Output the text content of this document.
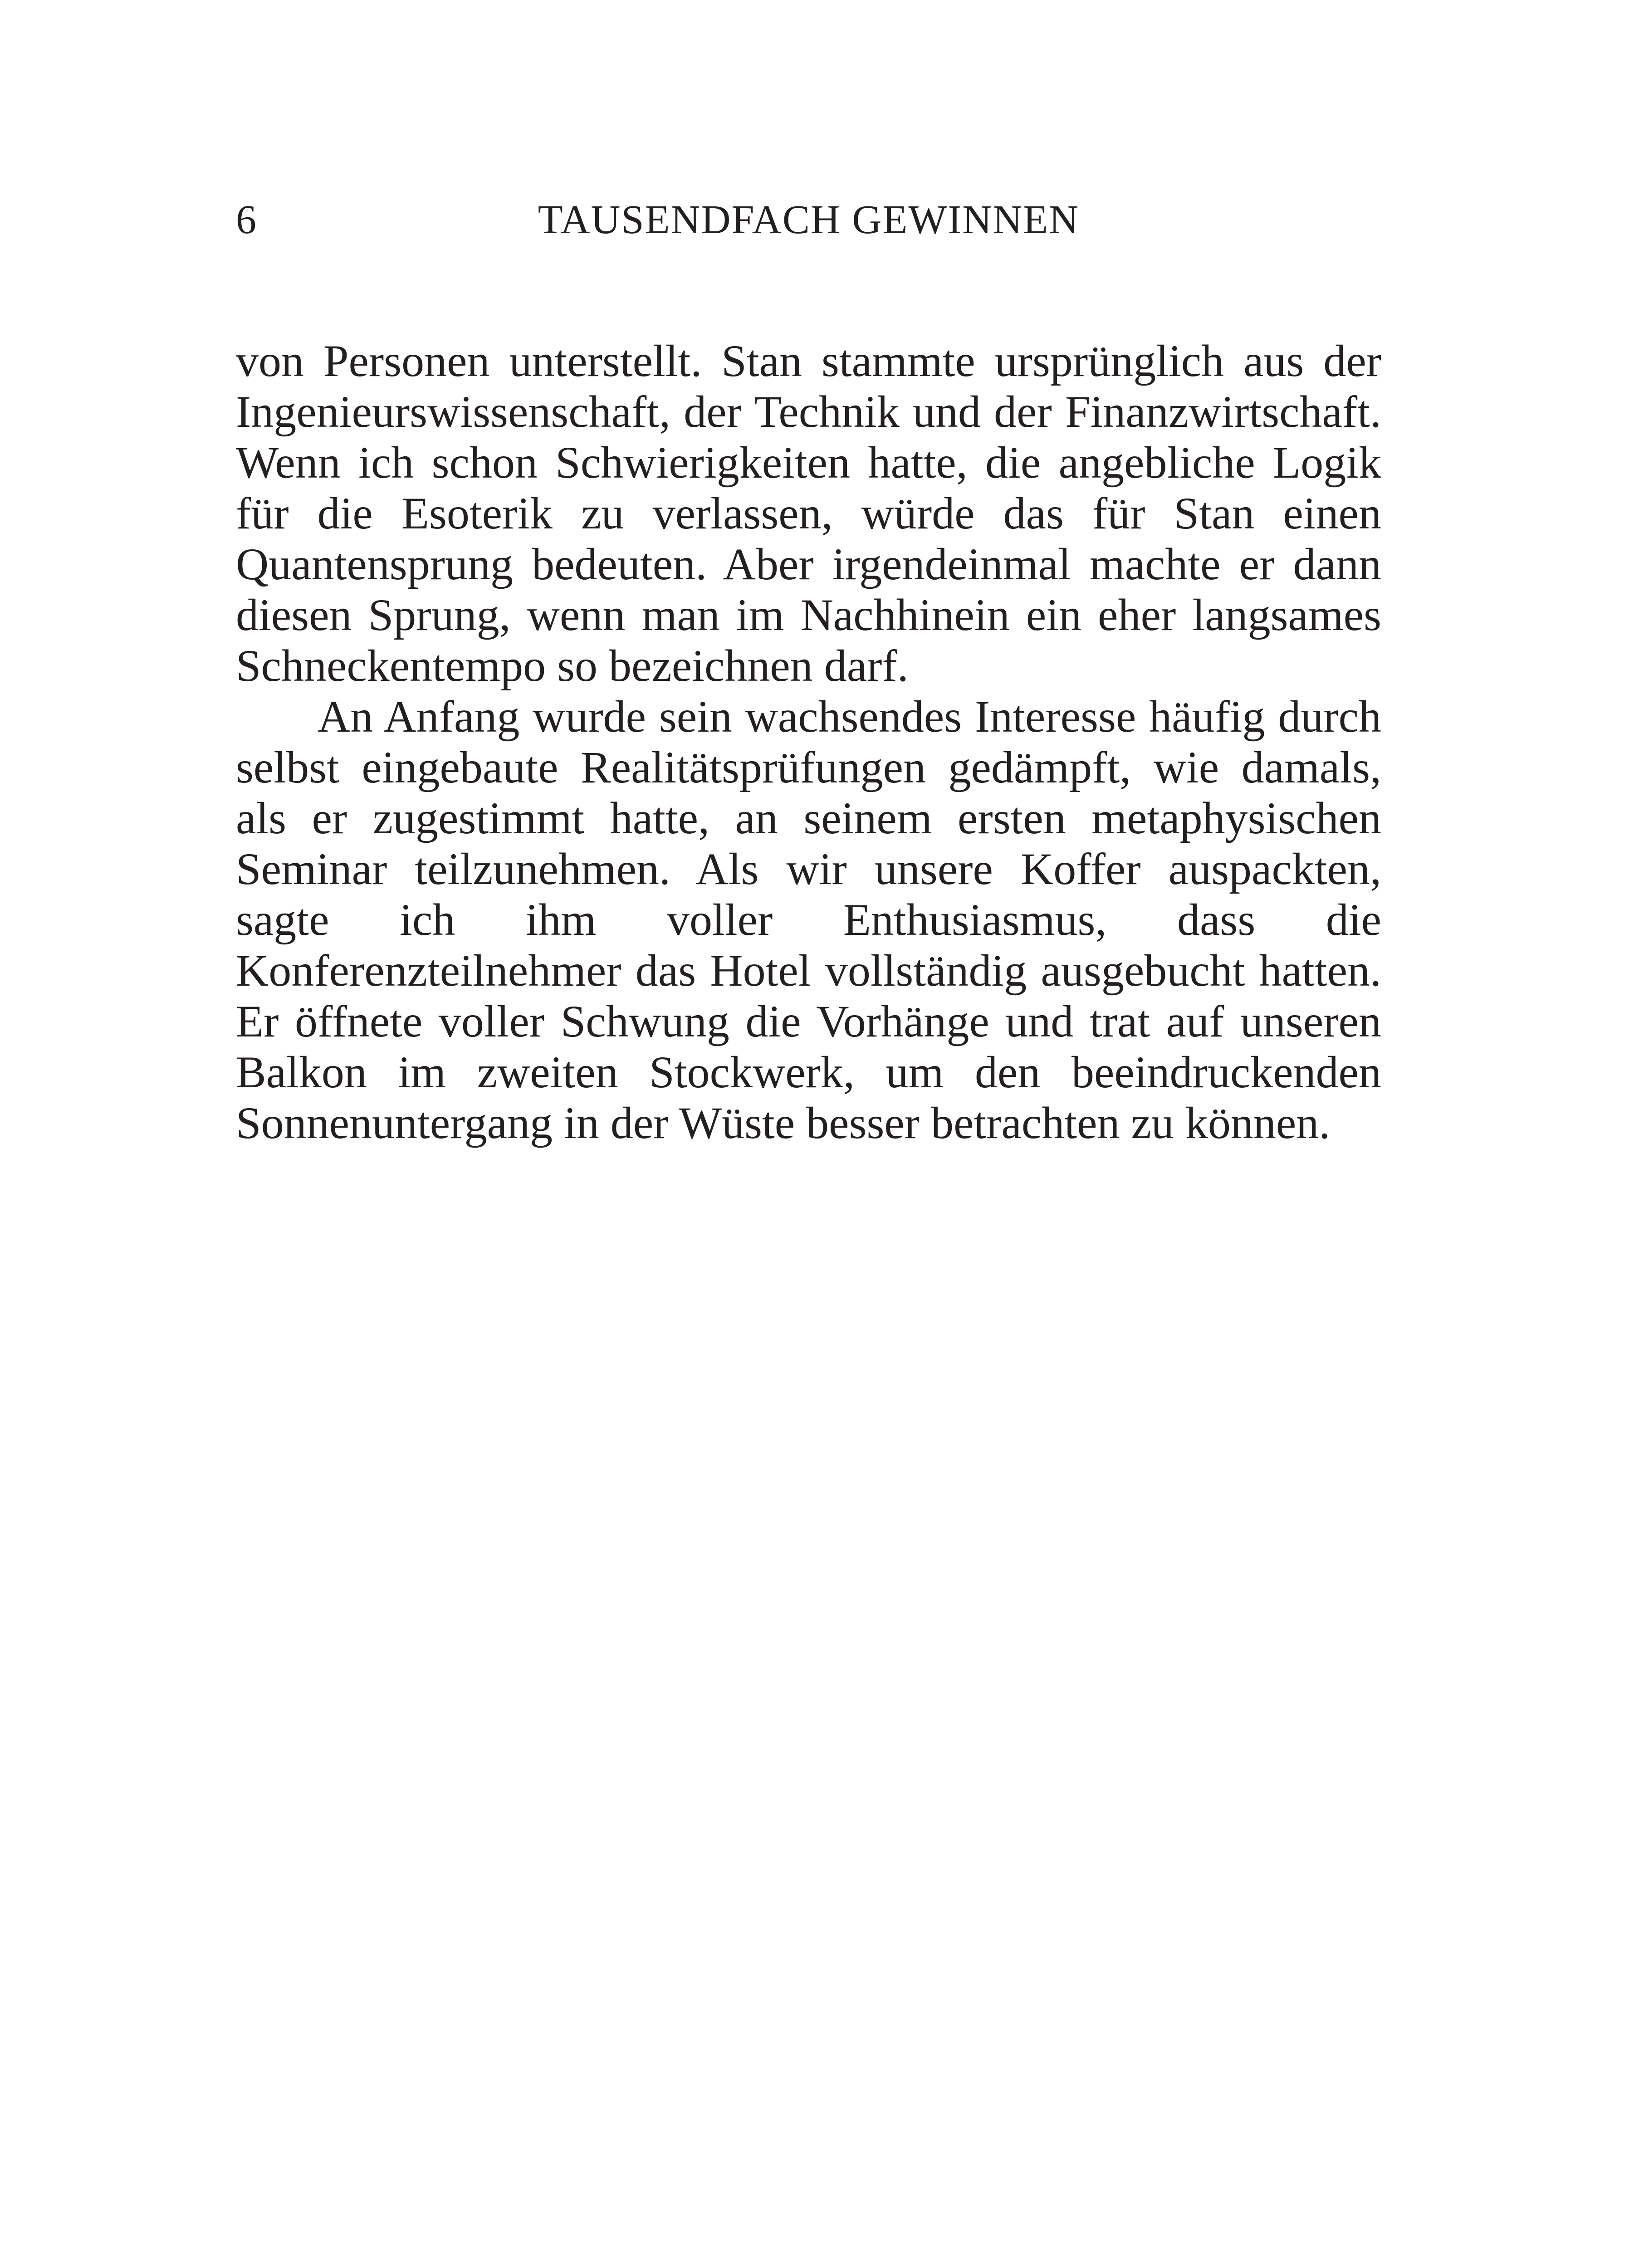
6	TAUSENDFACH GEWINNEN

von Personen unterstellt. Stan stammte ursprünglich aus der Ingenieurswissenschaft, der Technik und der Finanzwirtschaft. Wenn ich schon Schwierigkeiten hatte, die angebliche Logik für die Esoterik zu verlassen, würde das für Stan einen Quantensprung bedeuten. Aber irgendeinmal machte er dann diesen Sprung, wenn man im Nachhinein ein eher langsames Schneckentempo so bezeichnen darf.

An Anfang wurde sein wachsendes Interesse häufig durch selbst eingebaute Realitätsprüfungen gedämpft, wie damals, als er zugestimmt hatte, an seinem ersten metaphysischen Seminar teilzunehmen. Als wir unsere Koffer auspackten, sagte ich ihm voller Enthusiasmus, dass die Konferenzteilnehmer das Hotel vollständig ausgebucht hatten. Er öffnete voller Schwung die Vorhänge und trat auf unseren Balkon im zweiten Stockwerk, um den beeindruckenden Sonnenuntergang in der Wüste besser betrachten zu können.
